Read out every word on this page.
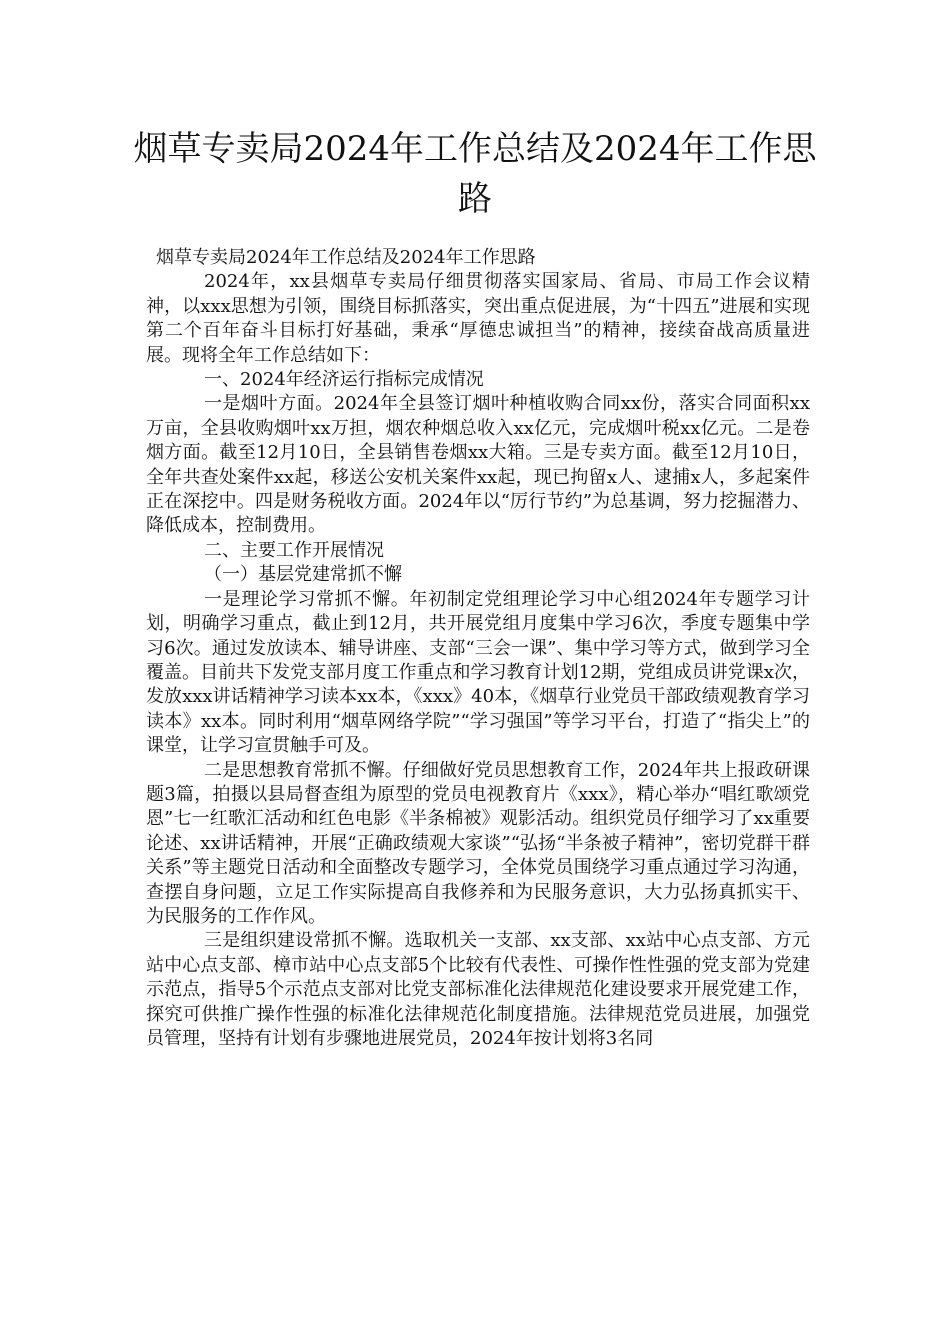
烟草专卖局2024年工作总结及2024年工作思路

烟草专卖局2024年工作总结及2024年工作思路

2024年，xx县烟草专卖局仔细贯彻落实国家局、省局、市局工作会议精神，以xxx思想为引领，围绕目标抓落实，突出重点促进展，为“十四五”进展和实现第二个百年奋斗目标打好基础，秉承“厚德忠诚担当”的精神，接续奋战高质量进展。现将全年工作总结如下：

一、2024年经济运行指标完成情况

一是烟叶方面。2024年全县签订烟叶种植收购合同xx份，落实合同面积xx万亩，全县收购烟叶xx万担，烟农种烟总收入xx亿元，完成烟叶税xx亿元。二是卷烟方面。截至12月10日，全县销售卷烟xx大箱。三是专卖方面。截至12月10日，全年共查处案件xx起，移送公安机关案件xx起，现已拘留x人、逮捕x人，多起案件正在深挖中。四是财务税收方面。2024年以“厉行节约”为总基调，努力挖掘潜力、降低成本，控制费用。

二、主要工作开展情况

（一）基层党建常抓不懈

一是理论学习常抓不懈。年初制定党组理论学习中心组2024年专题学习计划，明确学习重点，截止到12月，共开展党组月度集中学习6次，季度专题集中学习6次。通过发放读本、辅导讲座、支部“三会一课”、集中学习等方式，做到学习全覆盖。目前共下发党支部月度工作重点和学习教育计划12期，党组成员讲党课x次，发放xxx讲话精神学习读本xx本，《xxx》40本，《烟草行业党员干部政绩观教育学习读本》xx本。同时利用“烟草网络学院”“学习强国”等学习平台，打造了“指尖上”的课堂，让学习宣贯触手可及。

二是思想教育常抓不懈。仔细做好党员思想教育工作，2024年共上报政研课题3篇，拍摄以县局督查组为原型的党员电视教育片《xxx》，精心举办“唱红歌颂党恩”七一红歌汇活动和红色电影《半条棉被》观影活动。组织党员仔细学习了xx重要论述、xx讲话精神，开展“正确政绩观大家谈”“弘扬“半条被子精神”，密切党群干群关系”等主题党日活动和全面整改专题学习，全体党员围绕学习重点通过学习沟通，查摆自身问题，立足工作实际提高自我修养和为民服务意识，大力弘扬真抓实干、为民服务的工作作风。

三是组织建设常抓不懈。选取机关一支部、xx支部、xx站中心点支部、方元站中心点支部、樟市站中心点支部5个比较有代表性、可操作性性强的党支部为党建示范点，指导5个示范点支部对比党支部标准化法律规范化建设要求开展党建工作，探究可供推广操作性强的标准化法律规范化制度措施。法律规范党员进展，加强党员管理，坚持有计划有步骤地进展党员，2024年按计划将3名同
